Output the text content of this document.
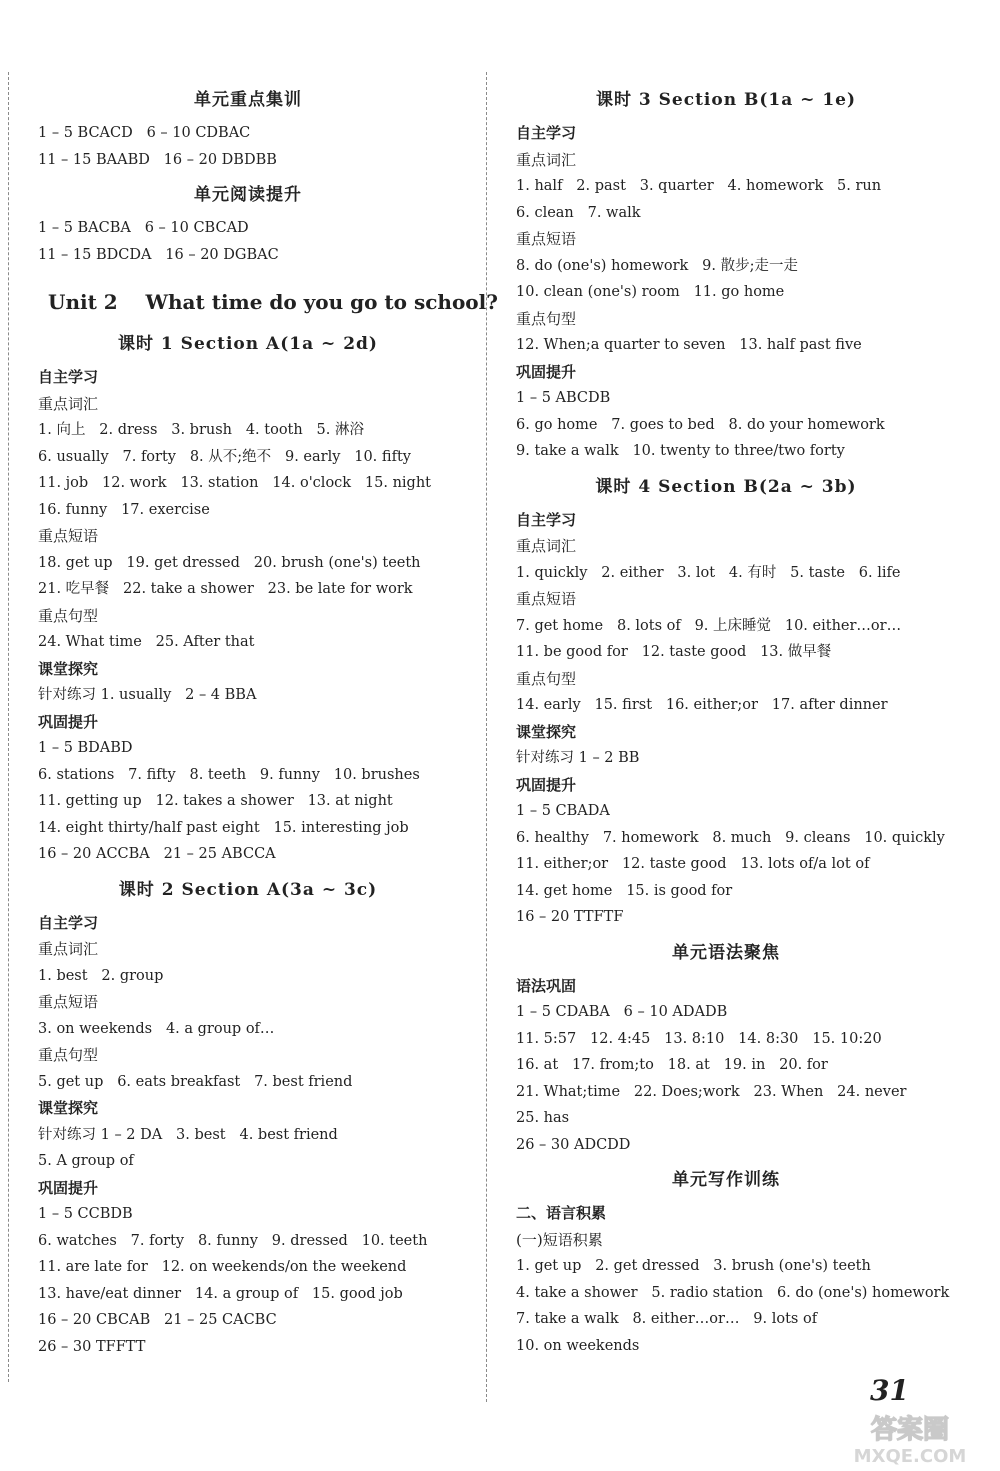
单元重点集训
1 – 5 BCACD   6 – 10 CDBAC
11 – 15 BAABD   16 – 20 DBDBB
单元阅读提升
1 – 5 BACBA   6 – 10 CBCAD
11 – 15 BDCDA   16 – 20 DGBAC
Unit 2    What time do you go to school?
课时 1 Section A(1a ~ 2d)
自主学习
重点词汇
1. 向上   2. dress   3. brush   4. tooth   5. 淋浴
6. usually   7. forty   8. 从不;绝不   9. early   10. fifty
11. job   12. work   13. station   14. o'clock   15. night
16. funny   17. exercise
重点短语
18. get up   19. get dressed   20. brush (one's) teeth
21. 吃早餐   22. take a shower   23. be late for work
重点句型
24. What time   25. After that
课堂探究
针对练习 1. usually   2 – 4 BBA
巩固提升
1 – 5 BDABD
6. stations   7. fifty   8. teeth   9. funny   10. brushes
11. getting up   12. takes a shower   13. at night
14. eight thirty/half past eight   15. interesting job
16 – 20 ACCBA   21 – 25 ABCCA
课时 2 Section A(3a ~ 3c)
自主学习
重点词汇
1. best   2. group
重点短语
3. on weekends   4. a group of…
重点句型
5. get up   6. eats breakfast   7. best friend
课堂探究
针对练习 1 – 2 DA   3. best   4. best friend
5. A group of
巩固提升
1 – 5 CCBDB
6. watches   7. forty   8. funny   9. dressed   10. teeth
11. are late for   12. on weekends/on the weekend
13. have/eat dinner   14. a group of   15. good job
16 – 20 CBCAB   21 – 25 CACBC
26 – 30 TFFTT
课时 3 Section B(1a ~ 1e)
自主学习
重点词汇
1. half   2. past   3. quarter   4. homework   5. run
6. clean   7. walk
重点短语
8. do (one's) homework   9. 散步;走一走
10. clean (one's) room   11. go home
重点句型
12. When;a quarter to seven   13. half past five
巩固提升
1 – 5 ABCDB
6. go home   7. goes to bed   8. do your homework
9. take a walk   10. twenty to three/two forty
课时 4 Section B(2a ~ 3b)
自主学习
重点词汇
1. quickly   2. either   3. lot   4. 有时   5. taste   6. life
重点短语
7. get home   8. lots of   9. 上床睡觉   10. either…or…
11. be good for   12. taste good   13. 做早餐
重点句型
14. early   15. first   16. either;or   17. after dinner
课堂探究
针对练习 1 – 2 BB
巩固提升
1 – 5 CBADA
6. healthy   7. homework   8. much   9. cleans   10. quickly
11. either;or   12. taste good   13. lots of/a lot of
14. get home   15. is good for
16 – 20 TTFTF
单元语法聚焦
语法巩固
1 – 5 CDABA   6 – 10 ADADB
11. 5:57   12. 4:45   13. 8:10   14. 8:30   15. 10:20
16. at   17. from;to   18. at   19. in   20. for
21. What;time   22. Does;work   23. When   24. never
25. has
26 – 30 ADCDD
单元写作训练
二、语言积累
(一)短语积累
1. get up   2. get dressed   3. brush (one's) teeth
4. take a shower   5. radio station   6. do (one's) homework
7. take a walk   8. either…or…   9. lots of
10. on weekends
31
答案圈
MXQE.COM
